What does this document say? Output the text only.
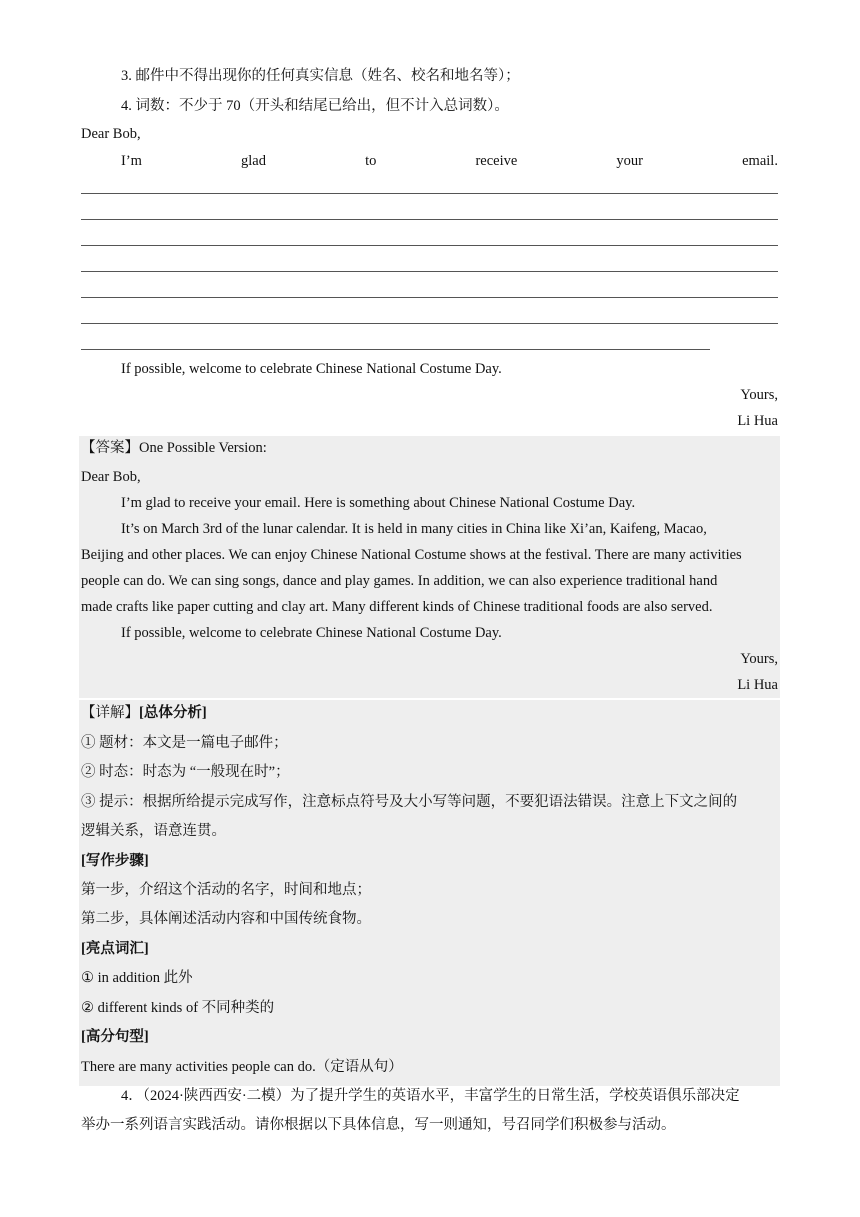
3. 邮件中不得出现你的任何真实信息（姓名、校名和地名等）；
4. 词数：不少于 70（开头和结尾已给出，但不计入总词数）。
Dear Bob,
I’m	glad	to	receive	your	email.
If possible, welcome to celebrate Chinese National Costume Day.
Yours,
Li Hua
【答案】One Possible Version:
Dear Bob,
I’m glad to receive your email. Here is something about Chinese National Costume Day.
It’s on March 3rd of the lunar calendar. It is held in many cities in China like Xi’an, Kaifeng, Macao,
Beijing and other places. We can enjoy Chinese National Costume shows at the festival. There are many activities
people can do. We can sing songs, dance and play games. In addition, we can also experience traditional hand
made crafts like paper cutting and clay art. Many different kinds of Chinese traditional foods are also served.
If possible, welcome to celebrate Chinese National Costume Day.
Yours,
Li Hua
【详解】[总体分析]
① 题材：本文是一篇电子邮件；
② 时态：时态为 “一般现在时”；
③ 提示：根据所给提示完成写作，注意标点符号及大小写等问题，不要犯语法错误。注意上下文之间的
逻辑关系，语意连贯。
[写作步骤]
第一步，介绍这个活动的名字，时间和地点；
第二步，具体阐述活动内容和中国传统食物。
[亮点词汇]
① in addition 此外
② different kinds of 不同种类的
[高分句型]
There are many activities people can do.（定语从句）
4．（2024·陕西西安·二模）为了提升学生的英语水平，丰富学生的日常生活，学校英语俱乐部决定
举办一系列语言实践活动。请你根据以下具体信息，写一则通知，号召同学们积极参与活动。
